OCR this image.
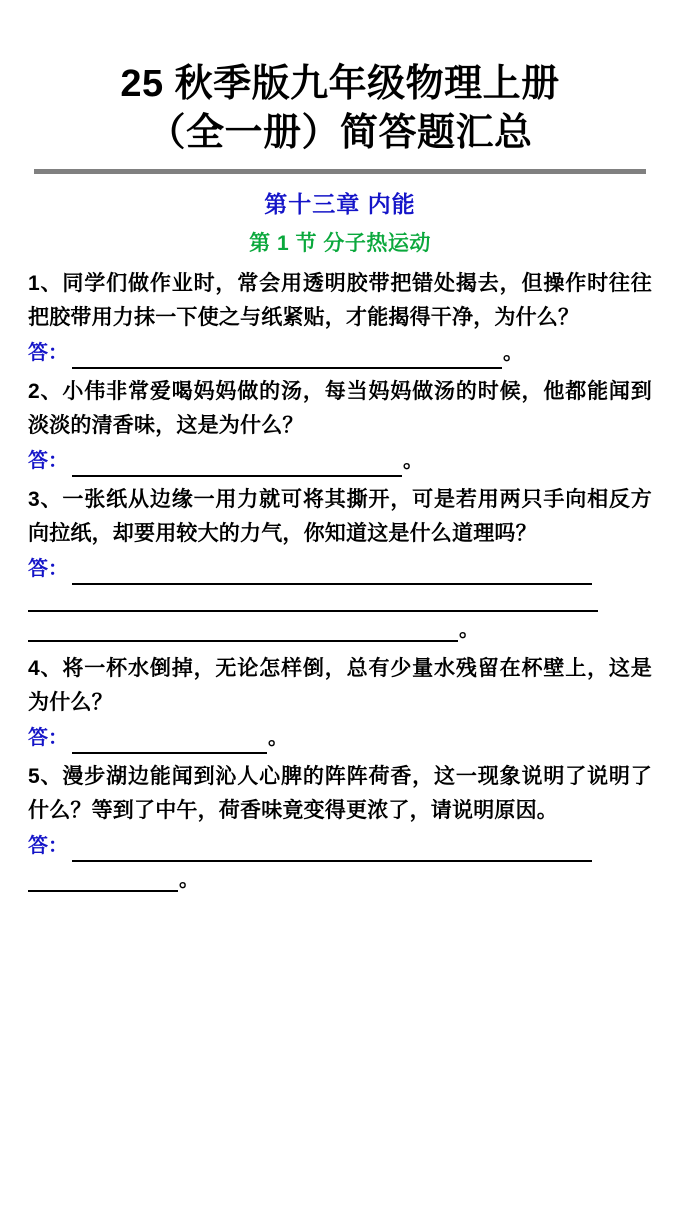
25 秋季版九年级物理上册
（全一册）简答题汇总
第十三章 内能
第 1 节 分子热运动

1、同学们做作业时，常会用透明胶带把错处揭去，但操作时往往把胶带用力抹一下使之与纸紧贴，才能揭得干净，为什么？

答：	。

2、小伟非常爱喝妈妈做的汤，每当妈妈做汤的时候，他都能闻到淡淡的清香味，这是为什么？

答：	。

3、一张纸从边缘一用力就可将其撕开，可是若用两只手向相反方向拉纸，却要用较大的力气，你知道这是什么道理吗？

答：
。

4、将一杯水倒掉，无论怎样倒，总有少量水残留在杯壁上，这是为什么？

答：	。

5、漫步湖边能闻到沁人心脾的阵阵荷香，这一现象说明了说明了什么？等到了中午，荷香味竟变得更浓了，请说明原因。

答：
。
